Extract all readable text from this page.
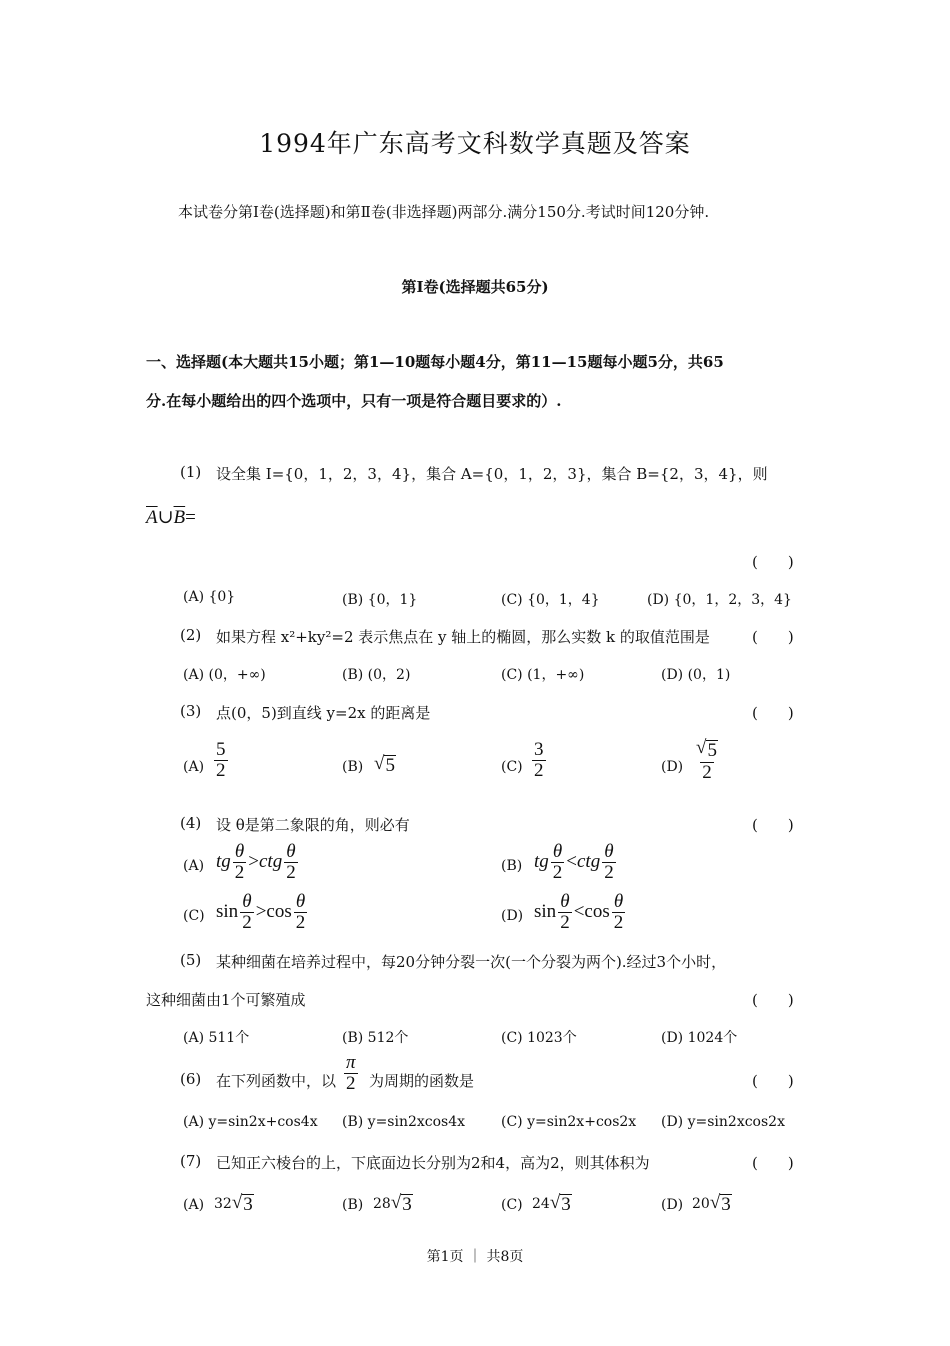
1994年广东高考文科数学真题及答案
本试卷分第Ⅰ卷(选择题)和第Ⅱ卷(非选择题)两部分.满分150分.考试时间120分钟.
第Ⅰ卷(选择题共65分)
一、选择题(本大题共15小题；第1—10题每小题4分，第11—15题每小题5分，共65
分.在每小题给出的四个选项中，只有一项是符合题目要求的）.
(1) 设全集 I={0，1，2，3，4}，集合 A={0，1，2，3}，集合 B={2，3，4}，则
$\overline{A}\cup\overline{B}=$
(　　)
(A) {0}	(B) {0，1}	(C) {0，1，4}	(D) {0，1，2，3，4}
(2) 如果方程 x²+ky²=2 表示焦点在 y 轴上的椭圆，那么实数 k 的取值范围是	(　　)
(A) (0，+∞)	(B) (0，2)	(C) (1，+∞)	(D) (0，1)
(3) 点(0，5)到直线 y=2x 的距离是	(　　)
$(A) \frac{5}{2}$	(B) √ 5	$(C) \frac{3}{2}$	$(D) \frac{√ 5}{2}$
(4) 设 θ是第二象限的角，则必有	(　　)
(A) tg $\frac{\theta}{2} >ctg \frac{\theta}{2}$	(B) tg $\frac{\theta}{2} <ctg \frac{\theta}{2}$
(C) $\sin \frac{\theta}{2} >\cos \frac{\theta}{2}$	(D) $\sin \frac{\theta}{2} <\cos \frac{\theta}{2}$
(5) 某种细菌在培养过程中，每20分钟分裂一次(一个分裂为两个).经过3个小时，
这种细菌由1个可繁殖成	(　　)
(A) 511个	(B) 512个	(C) 1023个	(D) 1024个
(6) 在下列函数中，以 $\frac{\pi}{2}$ 为周期的函数是	(　　)
(A) y=sin2x+cos4x (B) y=sin2xcos4x	(C) y=sin2x+cos2x (D) y=sin2xcos2x
(7) 已知正六棱台的上，下底面边长分别为2和4，高为2，则其体积为	(　　)
(A) 32 √ 3	(B) 28 √ 3	(C) 24 √ 3	(D) 20 √ 3
第1页 ｜ 共8页
